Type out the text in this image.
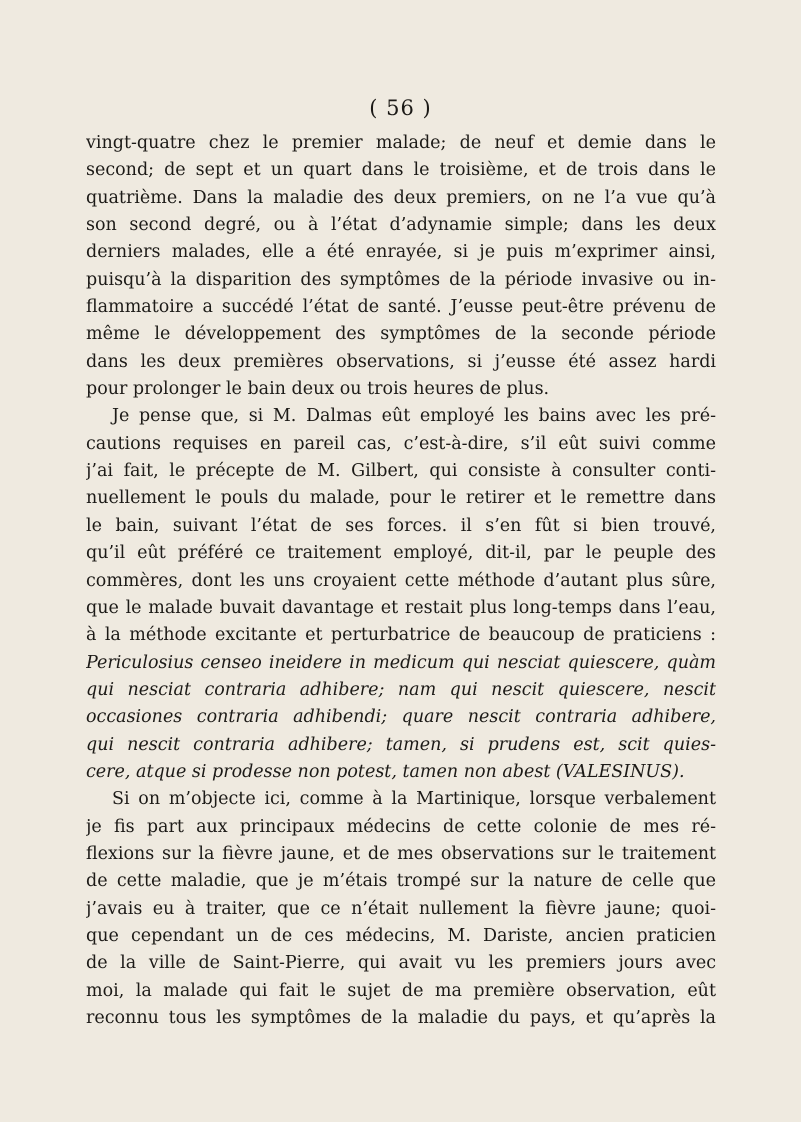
( 56 )
vingt-quatre chez le premier malade; de neuf et demie dans le
second; de sept et un quart dans le troisième, et de trois dans le
quatrième. Dans la maladie des deux premiers, on ne l’a vue qu’à
son second degré, ou à l’état d’adynamie simple; dans les deux
derniers malades, elle a été enrayée, si je puis m’exprimer ainsi,
puisqu’à la disparition des symptômes de la période invasive ou in-
flammatoire a succédé l’état de santé. J’eusse peut-être prévenu de
même le développement des symptômes de la seconde période
dans les deux premières observations, si j’eusse été assez hardi
pour prolonger le bain deux ou trois heures de plus.
Je pense que, si M. Dalmas eût employé les bains avec les pré-
cautions requises en pareil cas, c’est-à-dire, s’il eût suivi comme
j’ai fait, le précepte de M. Gilbert, qui consiste à consulter conti-
nuellement le pouls du malade, pour le retirer et le remettre dans
le bain, suivant l’état de ses forces. il s’en fût si bien trouvé,
qu’il eût préféré ce traitement employé, dit-il, par le peuple des
commères, dont les uns croyaient cette méthode d’autant plus sûre,
que le malade buvait davantage et restait plus long-temps dans l’eau,
à la méthode excitante et perturbatrice de beaucoup de praticiens :
Periculosius censeo ineidere in medicum qui nesciat quiescere, quàm
qui nesciat contraria adhibere; nam qui nescit quiescere, nescit
occasiones contraria adhibendi; quare nescit contraria adhibere,
qui nescit contraria adhibere; tamen, si prudens est, scit quies-
cere, atque si prodesse non potest, tamen non abest (VALESINUS).
Si on m’objecte ici, comme à la Martinique, lorsque verbalement
je fis part aux principaux médecins de cette colonie de mes ré-
flexions sur la fièvre jaune, et de mes observations sur le traitement
de cette maladie, que je m’étais trompé sur la nature de celle que
j’avais eu à traiter, que ce n’était nullement la fièvre jaune; quoi-
que cependant un de ces médecins, M. Dariste, ancien praticien
de la ville de Saint-Pierre, qui avait vu les premiers jours avec
moi, la malade qui fait le sujet de ma première observation, eût
reconnu tous les symptômes de la maladie du pays, et qu’après la
